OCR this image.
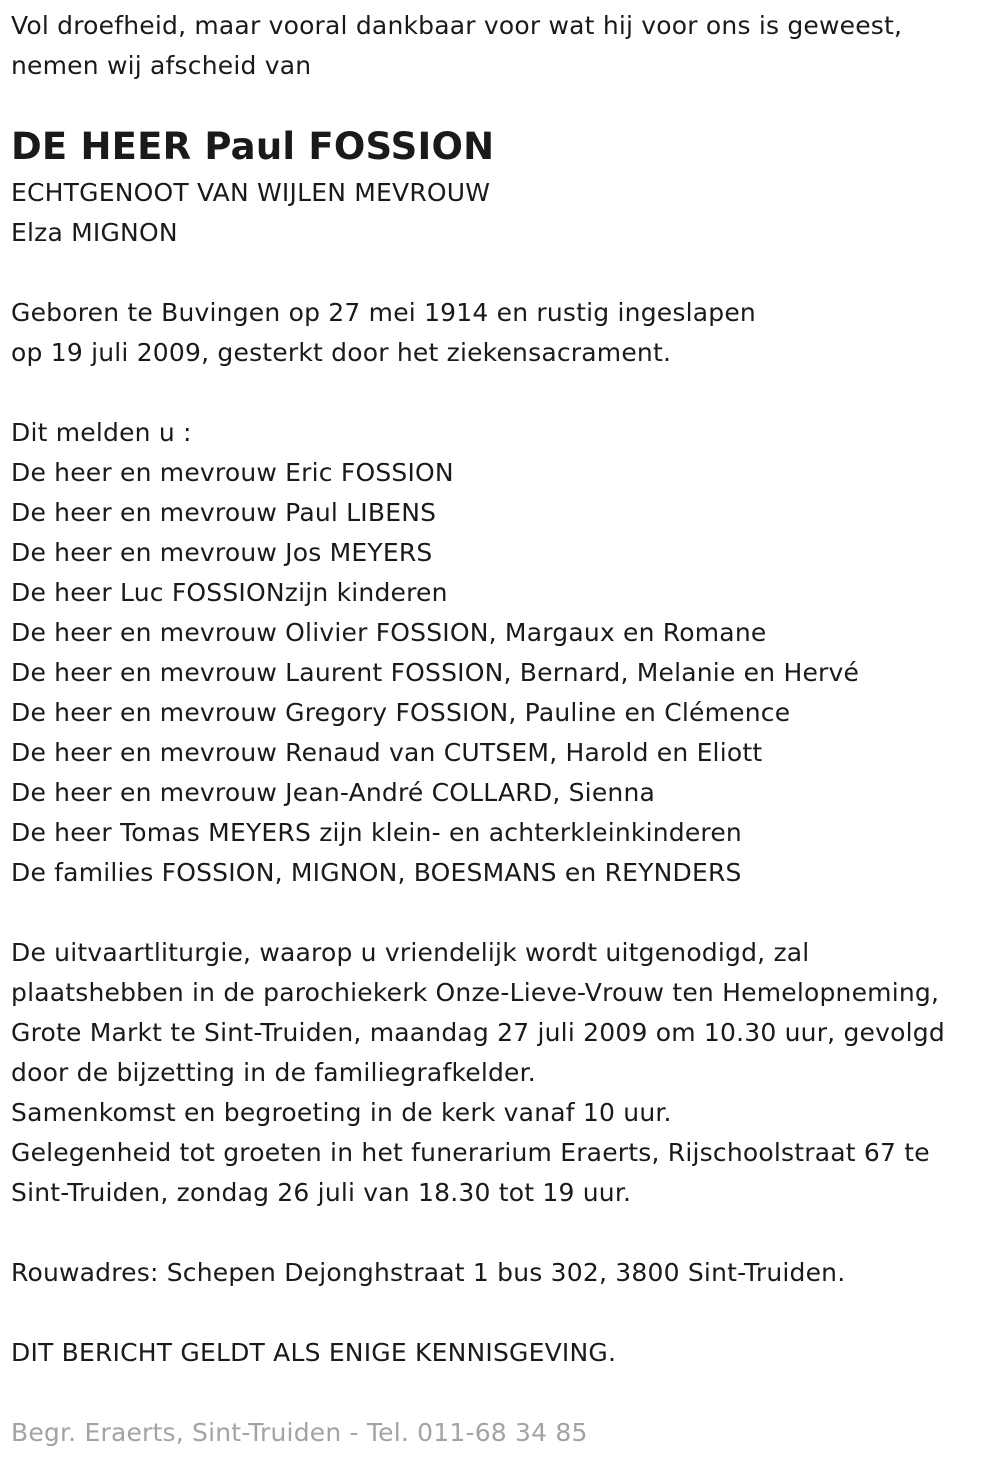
Vol droefheid, maar vooral dankbaar voor wat hij voor ons is geweest,
nemen wij afscheid van
DE HEER Paul FOSSION
ECHTGENOOT VAN WIJLEN MEVROUW
Elza MIGNON
Geboren te Buvingen op 27 mei 1914 en rustig ingeslapen
op 19 juli 2009, gesterkt door het ziekensacrament.
Dit melden u :
De heer en mevrouw Eric FOSSION
De heer en mevrouw Paul LIBENS
De heer en mevrouw Jos MEYERS
De heer Luc FOSSIONzijn kinderen
De heer en mevrouw Olivier FOSSION, Margaux en Romane
De heer en mevrouw Laurent FOSSION, Bernard, Melanie en Hervé
De heer en mevrouw Gregory FOSSION, Pauline en Clémence
De heer en mevrouw Renaud van CUTSEM, Harold en Eliott
De heer en mevrouw Jean-André COLLARD, Sienna
De heer Tomas MEYERS zijn klein- en achterkleinkinderen
De families FOSSION, MIGNON, BOESMANS en REYNDERS
De uitvaartliturgie, waarop u vriendelijk wordt uitgenodigd, zal
plaatshebben in de parochiekerk Onze-Lieve-Vrouw ten Hemelopneming,
Grote Markt te Sint-Truiden, maandag 27 juli 2009 om 10.30 uur, gevolgd
door de bijzetting in de familiegrafkelder.
Samenkomst en begroeting in de kerk vanaf 10 uur.
Gelegenheid tot groeten in het funerarium Eraerts, Rijschoolstraat 67 te
Sint-Truiden, zondag 26 juli van 18.30 tot 19 uur.
Rouwadres: Schepen Dejonghstraat 1 bus 302, 3800 Sint-Truiden.
DIT BERICHT GELDT ALS ENIGE KENNISGEVING.
Begr. Eraerts, Sint-Truiden - Tel. 011-68 34 85
